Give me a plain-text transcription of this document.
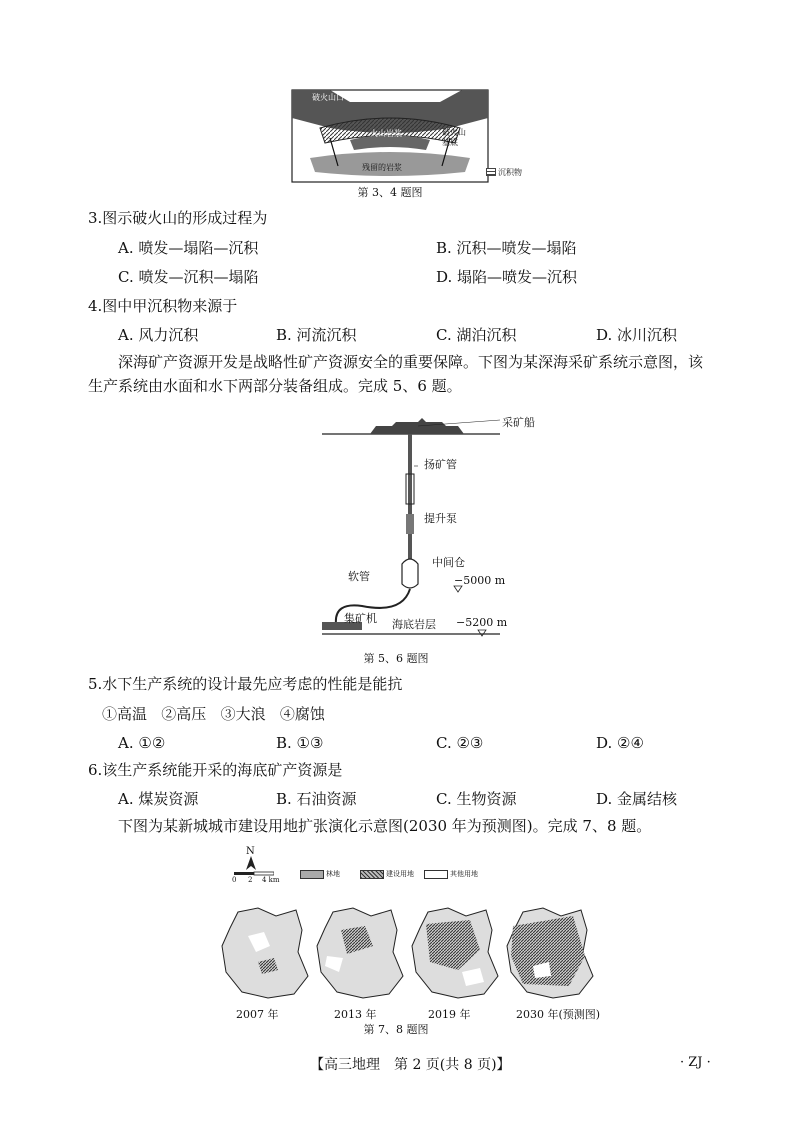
破火山口
火山岩浆	破火山基底
残留的岩浆
沉积物
第 3、4 题图
3.图示破火山的形成过程为
A. 喷发—塌陷—沉积	B. 沉积—喷发—塌陷
C. 喷发—沉积—塌陷	D. 塌陷—喷发—沉积
4.图中甲沉积物来源于
A. 风力沉积	B. 河流沉积	C. 湖泊沉积	D. 冰川沉积
深海矿产资源开发是战略性矿产资源安全的重要保障。下图为某深海采矿系统示意图，该生产系统由水面和水下两部分装备组成。完成 5、6 题。
采矿船
扬矿管
提升泵
中间仓
−5000 m
软管
集矿机 海底岩层 −5200 m
第 5、6 题图
5.水下生产系统的设计最先应考虑的性能是能抗
①高温   ②高压   ③大浪   ④腐蚀
A. ①②	B. ①③	C. ②③	D. ②④
6.该生产系统能开采的海底矿产资源是
A. 煤炭资源	B. 石油资源	C. 生物资源	D. 金属结核
下图为某新城城市建设用地扩张演化示意图(2030 年为预测图)。完成 7、8 题。
N
0 2 4 km
林地	建设用地	其他用地
2007 年	2013 年	2019 年	2030 年(预测图)
第 7、8 题图
【高三地理　第 2 页(共 8 页)】	· ZJ ·
